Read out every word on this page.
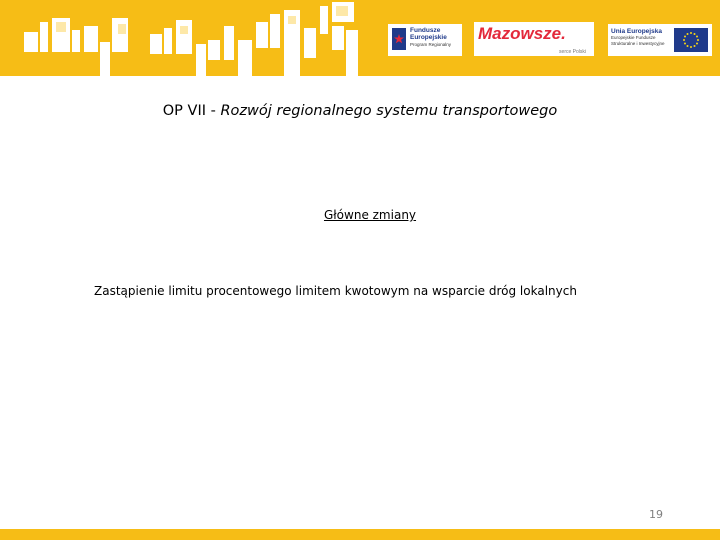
Fundusze
Europejskie
Program Regionalny
Mazowsze.
serce Polski
Unia Europejska
Europejskie Fundusze
Strukturalne i Inwestycyjne
OP VII - Rozwój regionalnego systemu transportowego
Główne zmiany
Zastąpienie limitu procentowego limitem kwotowym na wsparcie dróg lokalnych
19
